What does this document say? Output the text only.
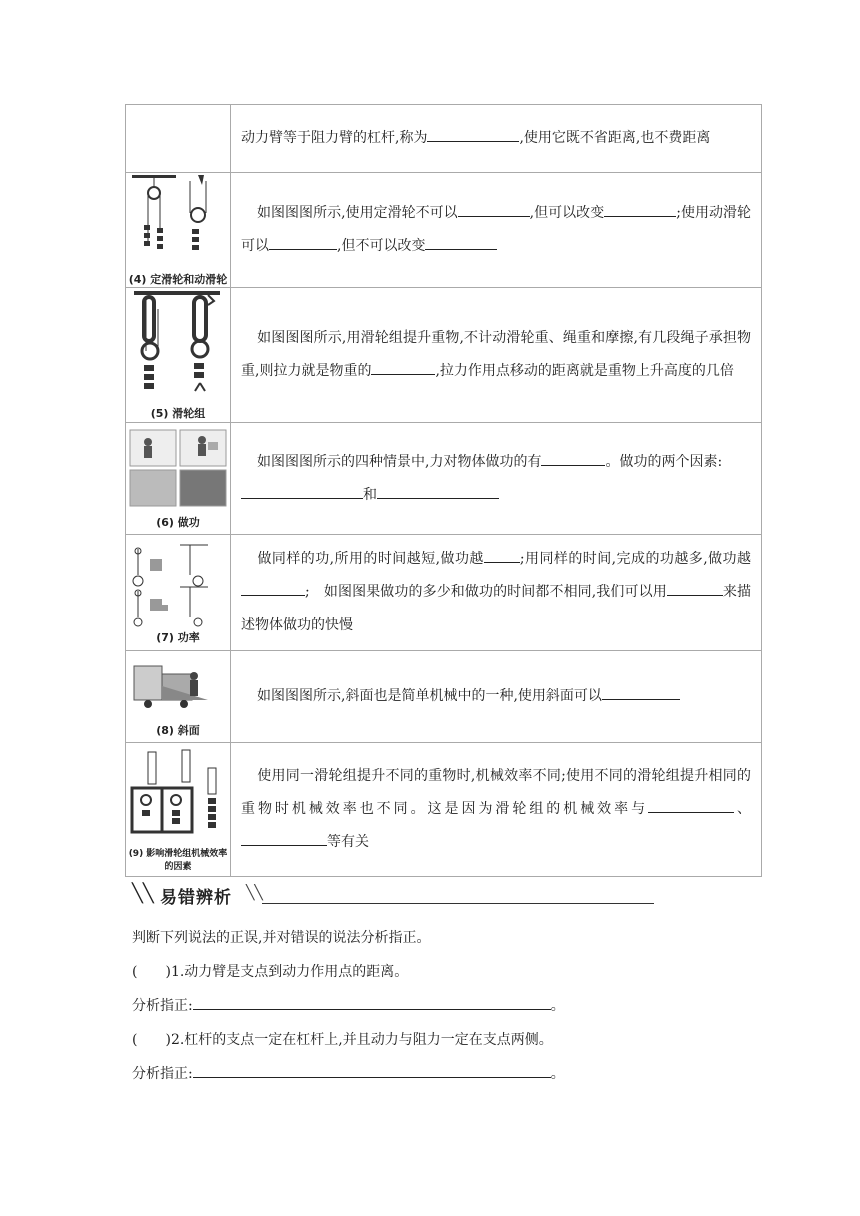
	动力臂等于阻力臂的杠杆,称为 ,使用它既不省距离,也不费距离

(4) 定滑轮和动滑轮	如图图图所示,使用定滑轮不可以 ,但可以改变 ;使用动滑轮可以 ,但不可以改变

(5) 滑轮组	如图图图所示,用滑轮组提升重物,不计动滑轮重、绳重和摩擦,有几段绳子承担物重,则拉力就是物重的 ,拉力作用点移动的距离就是重物上升高度的几倍

(6) 做功	如图图图所示的四种情景中,力对物体做功的有 。做功的两个因素:
和

(7) 功率	做同样的功,所用的时间越短,做功越 ;用同样的时间,完成的功越多,做功越;　如图图果做功的多少和做功的时间都不相同,我们可以用 来描述物体做功的快慢

(8) 斜面	如图图图所示,斜面也是简单机械中的一种,使用斜面可以

(9) 影响滑轮组机械效率的因素	使用同一滑轮组提升不同的重物时,机械效率不同;使用不同的滑轮组提升相同的重物时机械效率也不同。这是因为滑轮组的机械效率与 、等有关
╲╲ 易错辨析 ╲╲
判断下列说法的正误,并对错误的说法分析指正。
(　　)1.动力臂是支点到动力作用点的距离。
分析指正:	。
(　　)2.杠杆的支点一定在杠杆上,并且动力与阻力一定在支点两侧。
分析指正:	。
